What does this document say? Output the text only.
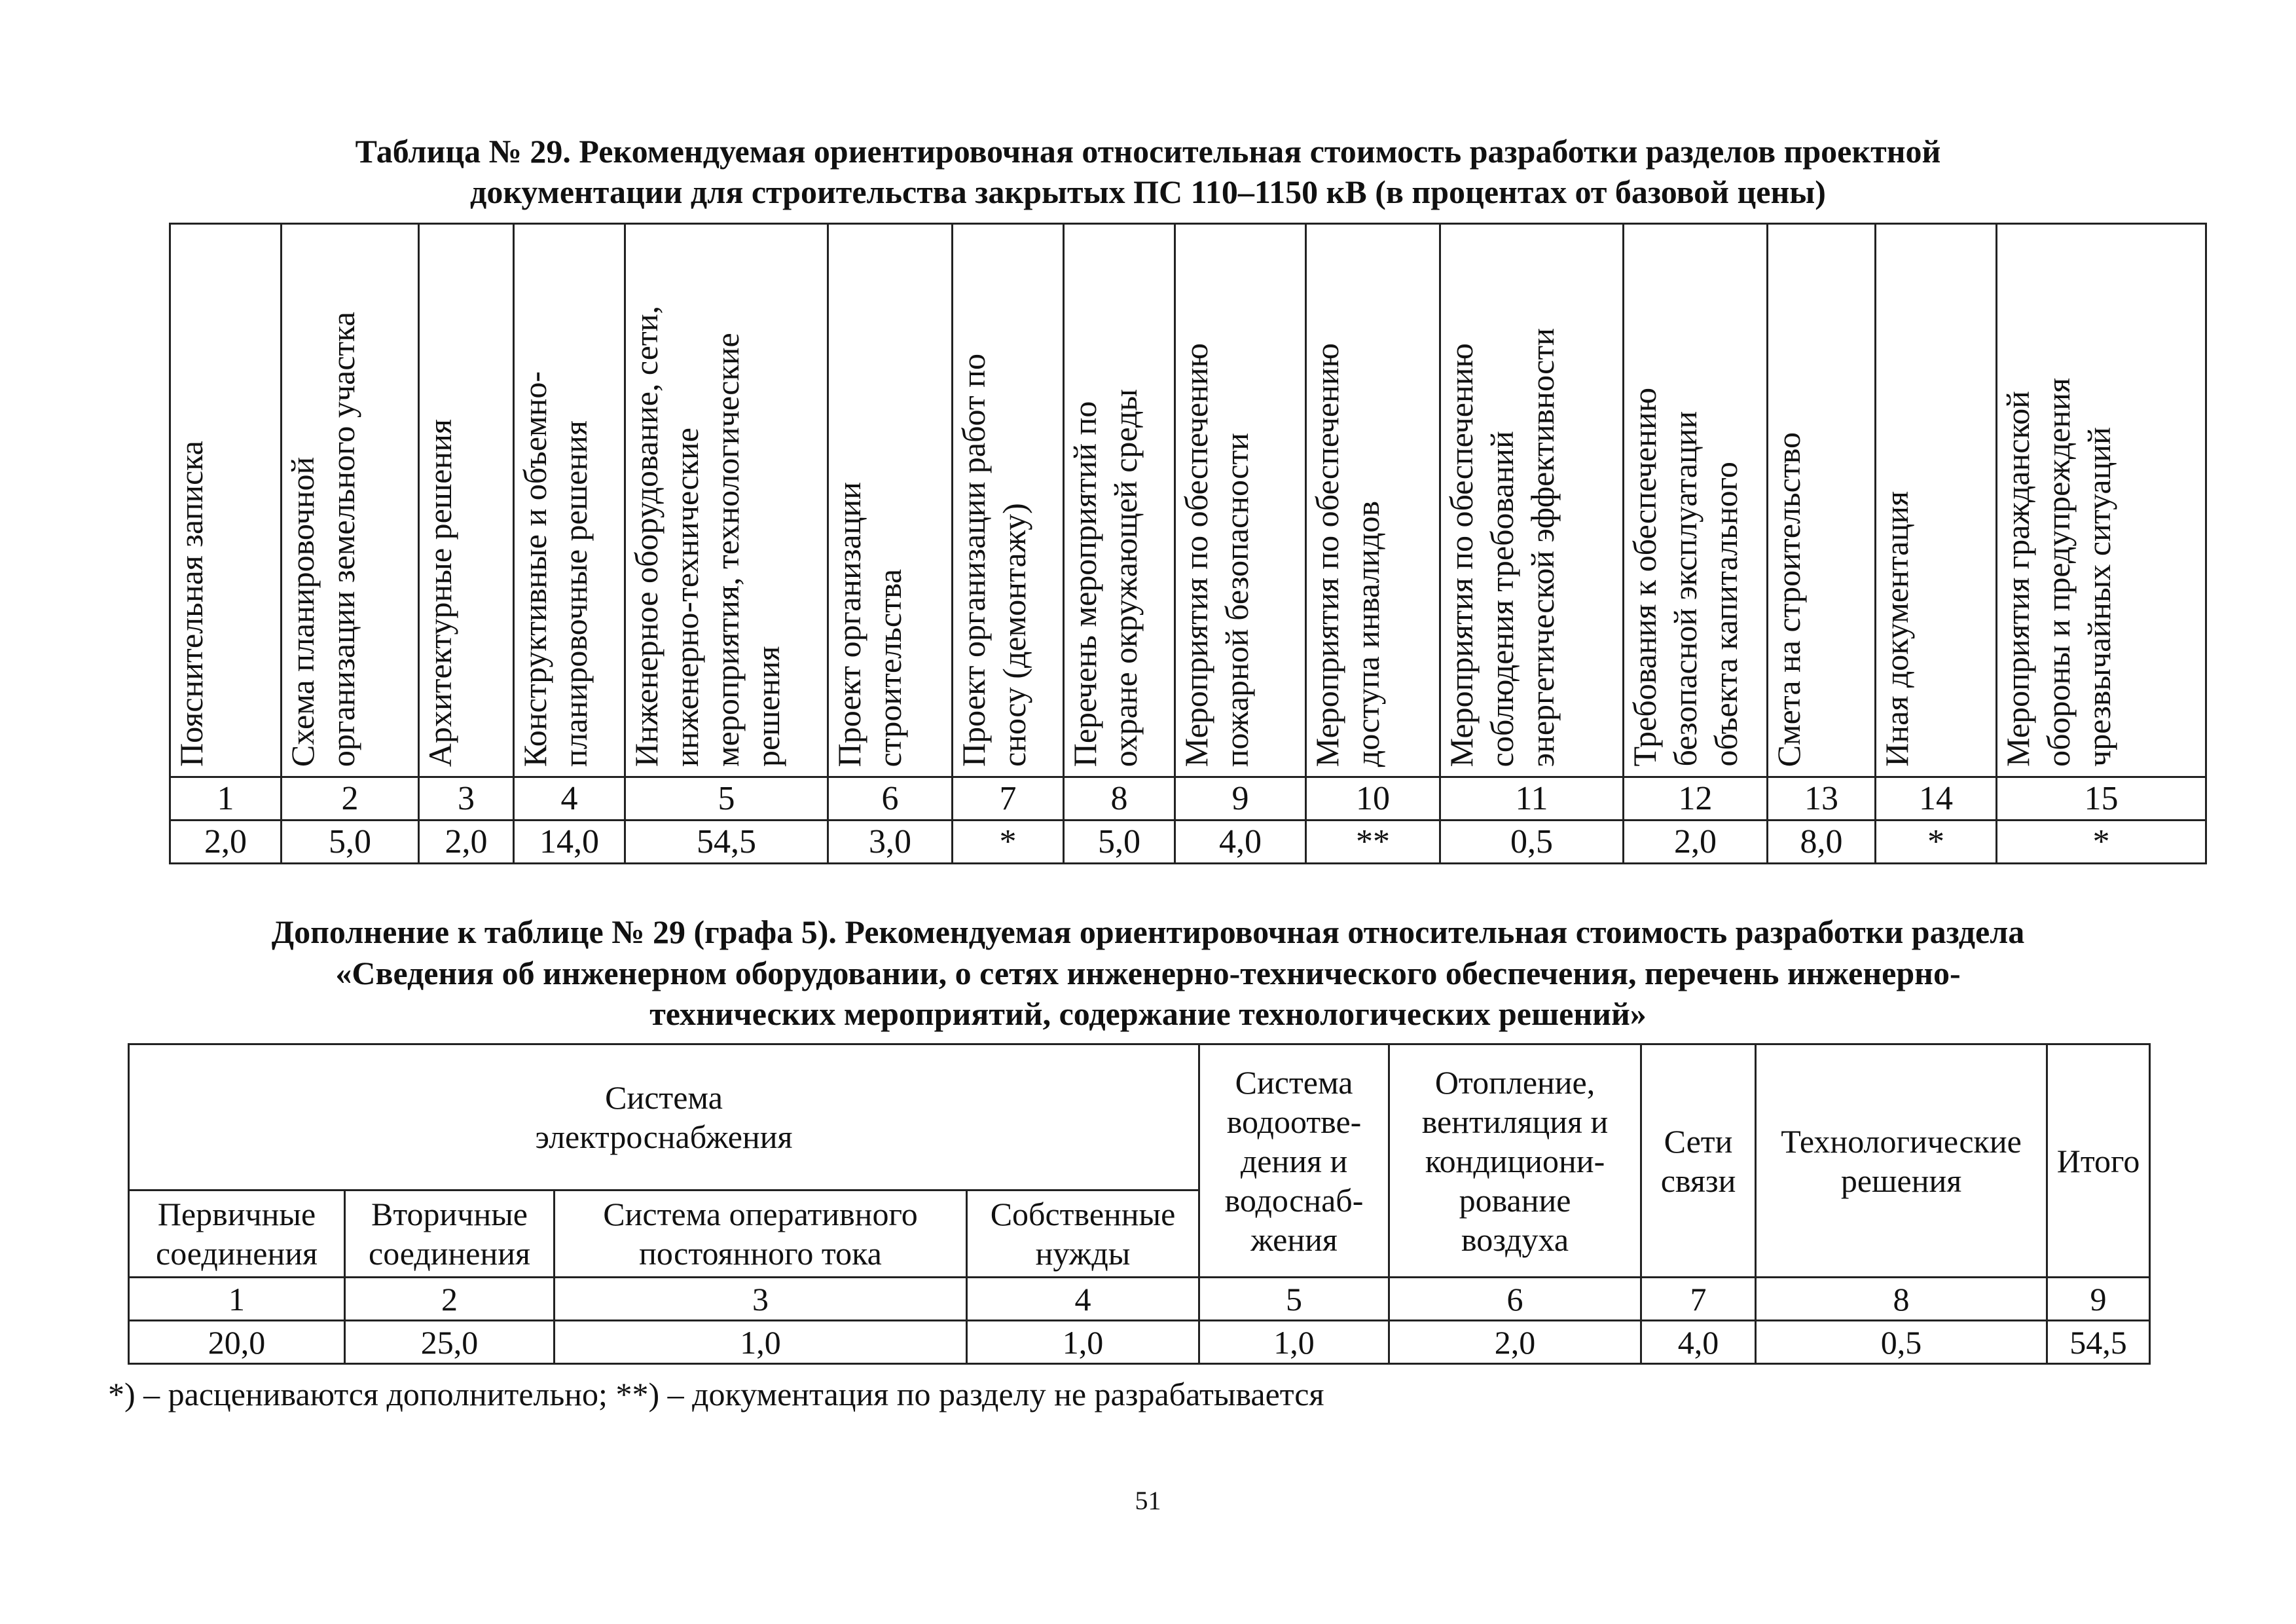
Таблица № 29. Рекомендуемая ориентировочная относительная стоимость разработки разделов проектной
документации для строительства закрытых ПС 110–1150 кВ (в процентах от базовой цены)
Пояснительная записка	Схема планировочной
организации земельного участка	Архитектурные решения	Конструктивные и объемно-
планировочные решения	Инженерное оборудование, сети,
инженерно-технические
мероприятия, технологические
решения	Проект организации
строительства	Проект организации работ по
сносу (демонтажу)	Перечень мероприятий по
охране окружающей среды	Мероприятия по обеспечению
пожарной безопасности	Мероприятия по обеспечению
доступа инвалидов	Мероприятия по обеспечению
соблюдения требований
энергетической эффективности	Требования к обеспечению
безопасной эксплуатации
объекта капитального	Смета на строительство	Иная документация	Мероприятия гражданской
обороны и предупреждения
чрезвычайных ситуаций

1	2	3	4	5	6	7	8	9	10	11	12	13	14	15
2,0	5,0	2,0	14,0	54,5	3,0	*	5,0	4,0	**	0,5	2,0	8,0	*	*
Дополнение к таблице № 29 (графа 5). Рекомендуемая ориентировочная относительная стоимость разработки раздела
«Сведения об инженерном оборудовании, о сетях инженерно-технического обеспечения, перечень инженерно-
технических мероприятий, содержание технологических решений»
Система
электроснабжения				Система
водоотве-
дения и
водоснаб-
жения	Отопление,
вентиляция и
кондициони-
рование
воздуха	Сети
связи	Технологические
решения	Итого
Первичные
соединения	Вторичные
соединения	Система оперативного
постоянного тока	Собственные
нужды					
1	2	3	4	5	6	7	8	9
20,0	25,0	1,0	1,0	1,0	2,0	4,0	0,5	54,5

*) – расцениваются дополнительно; **) – документация по разделу не разрабатывается

51
